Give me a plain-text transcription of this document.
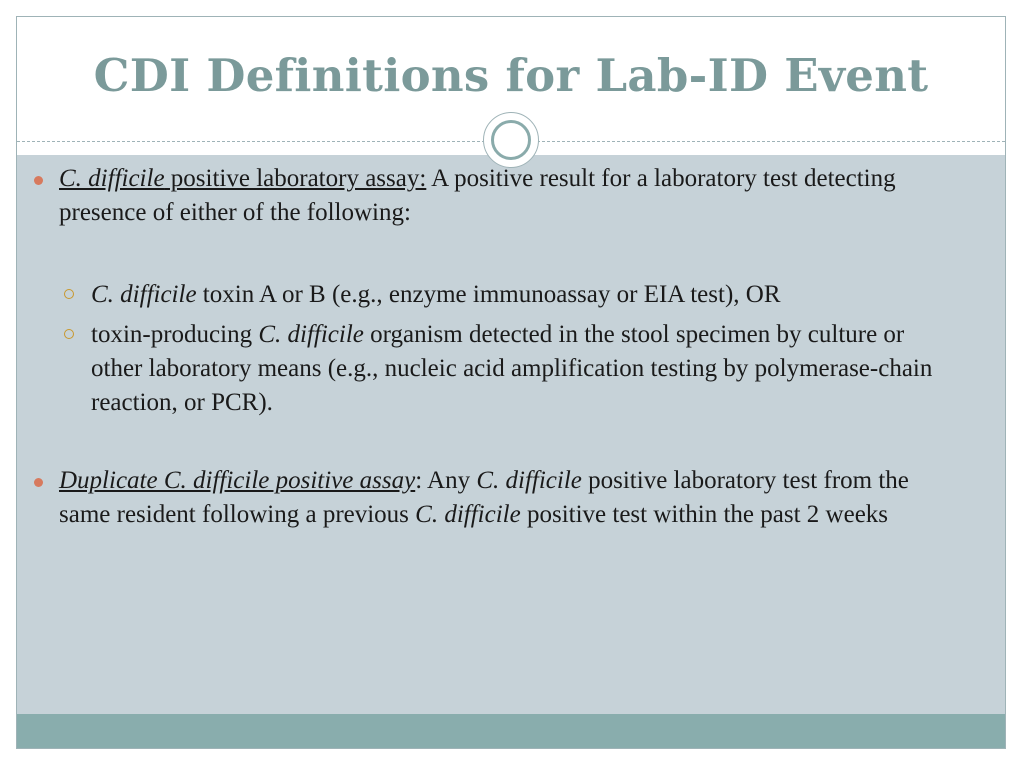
CDI Definitions for Lab-ID Event
C. difficile positive laboratory assay: A positive result for a laboratory test detecting presence of either of the following:
C. difficile toxin A or B (e.g., enzyme immunoassay or EIA test), OR
toxin-producing C. difficile organism detected in the stool specimen by culture or other laboratory means (e.g., nucleic acid amplification testing by polymerase-chain reaction, or PCR).
Duplicate C. difficile positive assay: Any C. difficile positive laboratory test from the same resident following a previous C. difficile positive test within the past 2 weeks
